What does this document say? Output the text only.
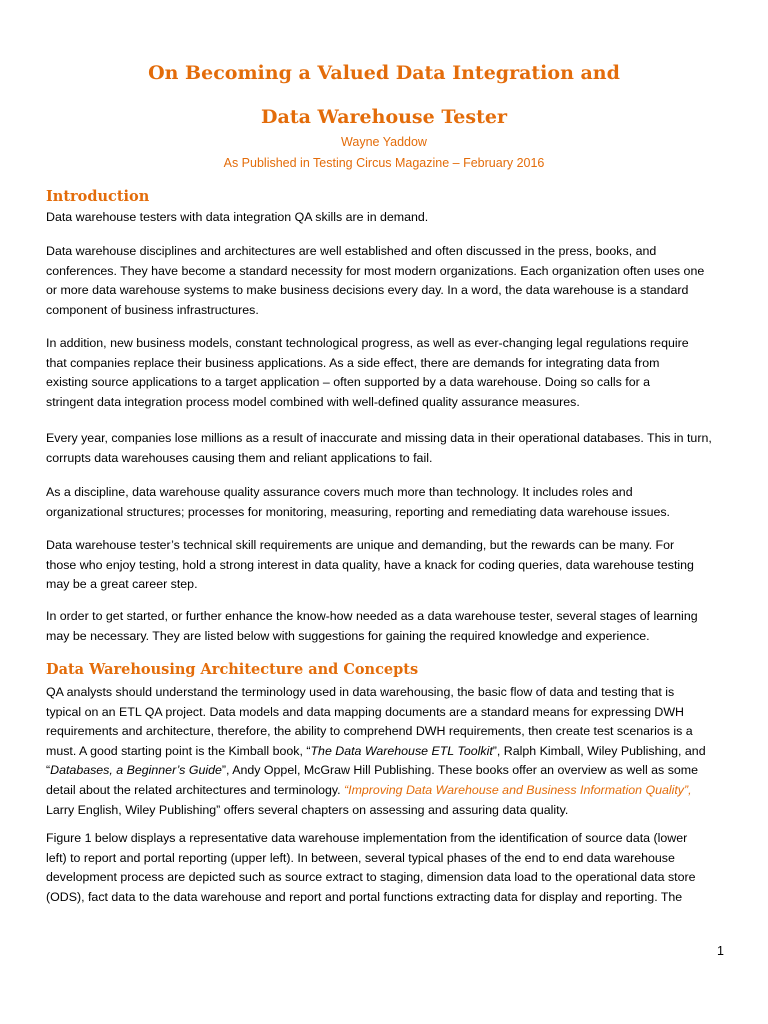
On Becoming a Valued Data Integration and
Data Warehouse Tester
Wayne Yaddow
As Published in Testing Circus Magazine – February 2016
Introduction

Data warehouse testers with data integration QA skills are in demand.

Data warehouse disciplines and architectures are well established and often discussed in the press, books, and
conferences. They have become a standard necessity for most modern organizations. Each organization often uses one
or more data warehouse systems to make business decisions every day. In a word, the data warehouse is a standard
component of business infrastructures.

In addition, new business models, constant technological progress, as well as ever-changing legal regulations require
that companies replace their business applications. As a side effect, there are demands for integrating data from
existing source applications to a target application – often supported by a data warehouse. Doing so calls for a
stringent data integration process model combined with well-defined quality assurance measures.

Every year, companies lose millions as a result of inaccurate and missing data in their operational databases. This in turn,
corrupts data warehouses causing them and reliant applications to fail.

As a discipline, data warehouse quality assurance covers much more than technology. It includes roles and
organizational structures; processes for monitoring, measuring, reporting and remediating data warehouse issues.

Data warehouse tester’s technical skill requirements are unique and demanding, but the rewards can be many. For
those who enjoy testing, hold a strong interest in data quality, have a knack for coding queries, data warehouse testing
may be a great career step.

In order to get started, or further enhance the know-how needed as a data warehouse tester, several stages of learning
may be necessary. They are listed below with suggestions for gaining the required knowledge and experience.

Data Warehousing Architecture and Concepts

QA analysts should understand the terminology used in data warehousing, the basic flow of data and testing that is
typical on an ETL QA project. Data models and data mapping documents are a standard means for expressing DWH
requirements and architecture, therefore, the ability to comprehend DWH requirements, then create test scenarios is a
must. A good starting point is the Kimball book, “The Data Warehouse ETL Toolkit”, Ralph Kimball, Wiley Publishing, and
“Databases, a Beginner’s Guide”, Andy Oppel, McGraw Hill Publishing. These books offer an overview as well as some
detail about the related architectures and terminology. “Improving Data Warehouse and Business Information Quality”,
Larry English, Wiley Publishing” offers several chapters on assessing and assuring data quality.

Figure 1 below displays a representative data warehouse implementation from the identification of source data (lower
left) to report and portal reporting (upper left). In between, several typical phases of the end to end data warehouse
development process are depicted such as source extract to staging, dimension data load to the operational data store
(ODS), fact data to the data warehouse and report and portal functions extracting data for display and reporting. The

1
